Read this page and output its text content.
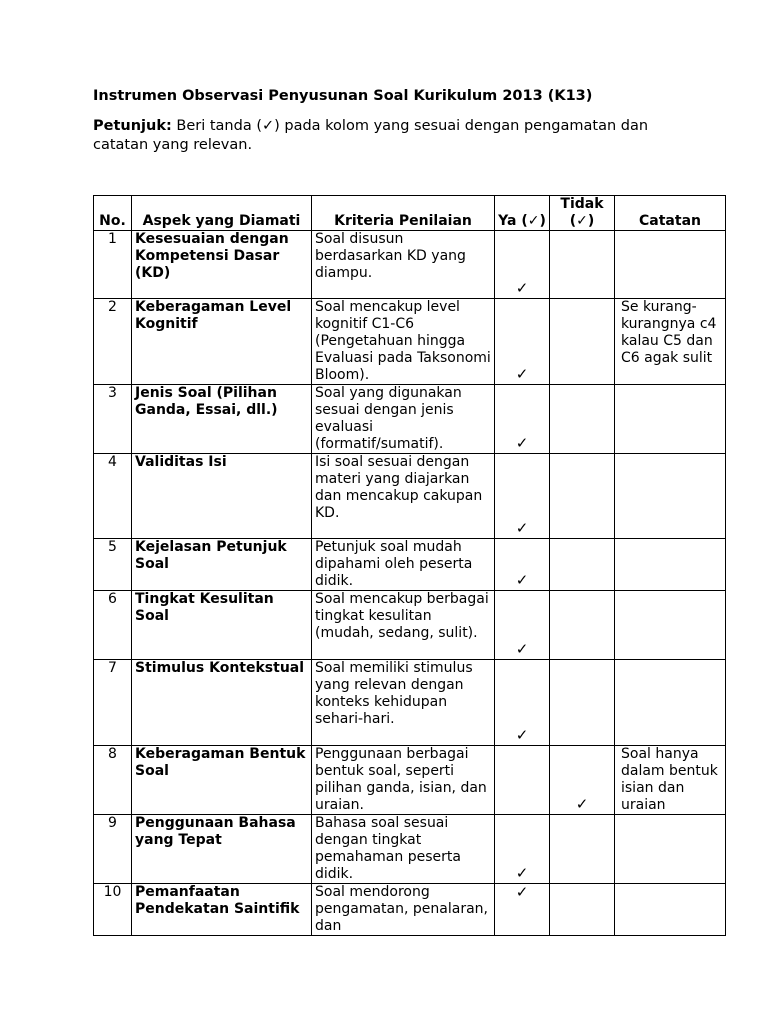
Instrumen Observasi Penyusunan Soal Kurikulum 2013 (K13)
Petunjuk: Beri tanda (✓) pada kolom yang sesuai dengan pengamatan dan catatan yang relevan.
No.	Aspek yang Diamati	Kriteria Penilaian	Ya (✓)	Tidak (✓)	Catatan
1	Kesesuaian dengan Kompetensi Dasar (KD)	Soal disusun berdasarkan KD yang diampu.	✓		
2	Keberagaman Level Kognitif	Soal mencakup level kognitif C1-C6 (Pengetahuan hingga Evaluasi pada Taksonomi Bloom).	✓		Se kurang-kurangnya c4 kalau C5 dan C6 agak sulit
3	Jenis Soal (Pilihan Ganda, Essai, dll.)	Soal yang digunakan sesuai dengan jenis evaluasi (formatif/sumatif).	✓		
4	Validitas Isi	Isi soal sesuai dengan materi yang diajarkan dan mencakup cakupan KD.	✓		
5	Kejelasan Petunjuk Soal	Petunjuk soal mudah dipahami oleh peserta didik.	✓		
6	Tingkat Kesulitan Soal	Soal mencakup berbagai tingkat kesulitan (mudah, sedang, sulit).	✓		
7	Stimulus Kontekstual	Soal memiliki stimulus yang relevan dengan konteks kehidupan sehari-hari.	✓		
8	Keberagaman Bentuk Soal	Penggunaan berbagai bentuk soal, seperti pilihan ganda, isian, dan uraian.		✓	Soal hanya dalam bentuk isian dan uraian
9	Penggunaan Bahasa yang Tepat	Bahasa soal sesuai dengan tingkat pemahaman peserta didik.	✓		
10	Pemanfaatan Pendekatan Saintifik	Soal mendorong pengamatan, penalaran, dan	✓		
